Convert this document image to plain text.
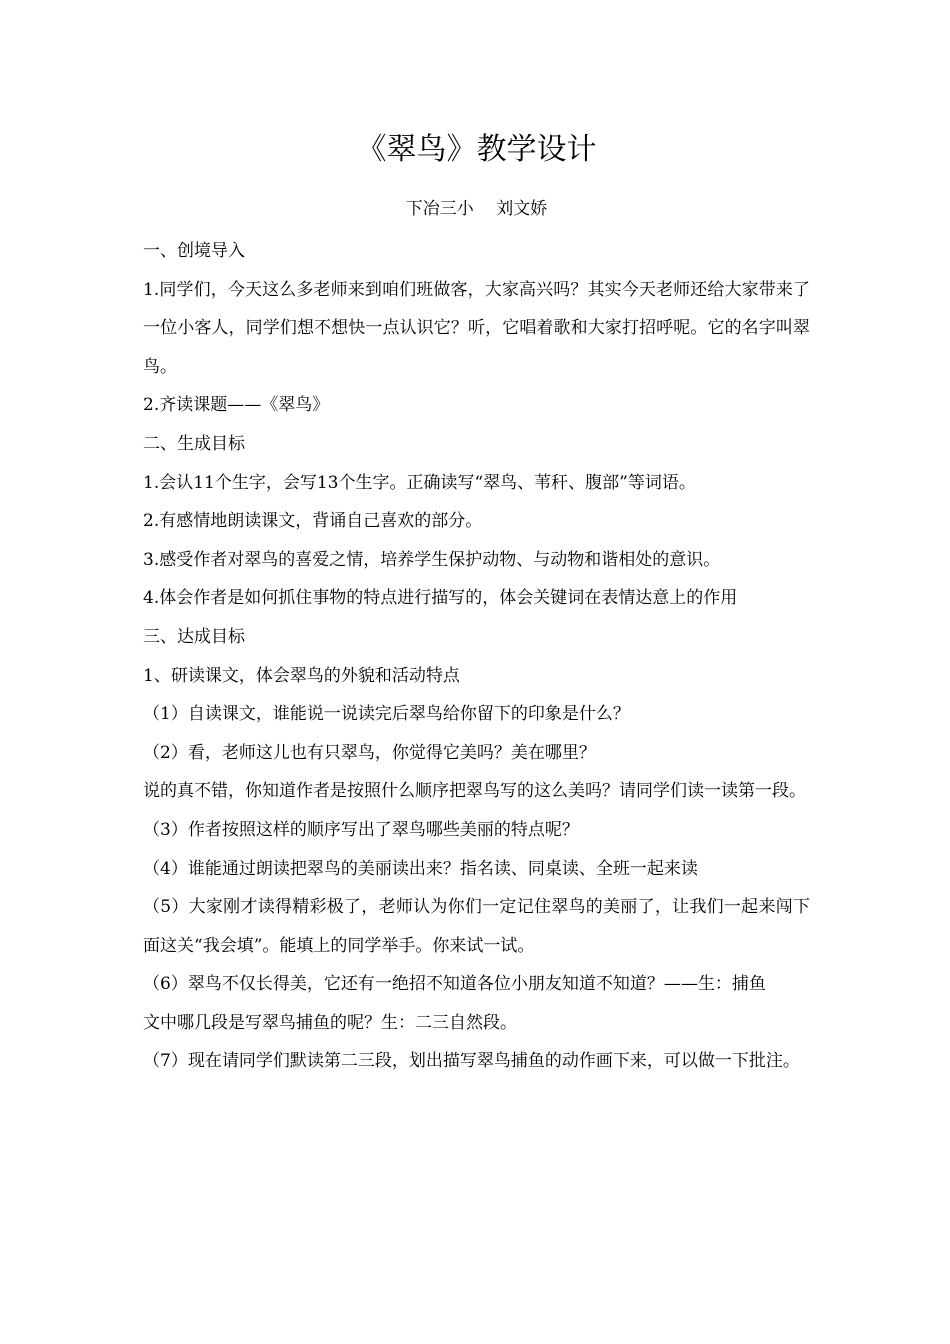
《翠鸟》教学设计
下冶三小　 刘文娇

一、创境导入

1.同学们，今天这么多老师来到咱们班做客，大家高兴吗？其实今天老师还给大家带来了一位小客人，同学们想不想快一点认识它？听，它唱着歌和大家打招呼呢。它的名字叫翠鸟。

2.齐读课题——《翠鸟》

二、生成目标

1.会认11个生字，会写13个生字。正确读写“翠鸟、苇秆、腹部”等词语。

2.有感情地朗读课文，背诵自己喜欢的部分。

3.感受作者对翠鸟的喜爱之情，培养学生保护动物、与动物和谐相处的意识。

4.体会作者是如何抓住事物的特点进行描写的，体会关键词在表情达意上的作用

三、达成目标

1、研读课文，体会翠鸟的外貌和活动特点

（1）自读课文，谁能说一说读完后翠鸟给你留下的印象是什么？

（2）看，老师这儿也有只翠鸟，你觉得它美吗？美在哪里？

说的真不错，你知道作者是按照什么顺序把翠鸟写的这么美吗？请同学们读一读第一段。

（3）作者按照这样的顺序写出了翠鸟哪些美丽的特点呢？

（4）谁能通过朗读把翠鸟的美丽读出来？指名读、同桌读、全班一起来读

（5）大家刚才读得精彩极了，老师认为你们一定记住翠鸟的美丽了，让我们一起来闯下面这关“我会填”。能填上的同学举手。你来试一试。

（6）翠鸟不仅长得美，它还有一绝招不知道各位小朋友知道不知道？——生：捕鱼

文中哪几段是写翠鸟捕鱼的呢？生：二三自然段。

（7）现在请同学们默读第二三段，划出描写翠鸟捕鱼的动作画下来，可以做一下批注。
